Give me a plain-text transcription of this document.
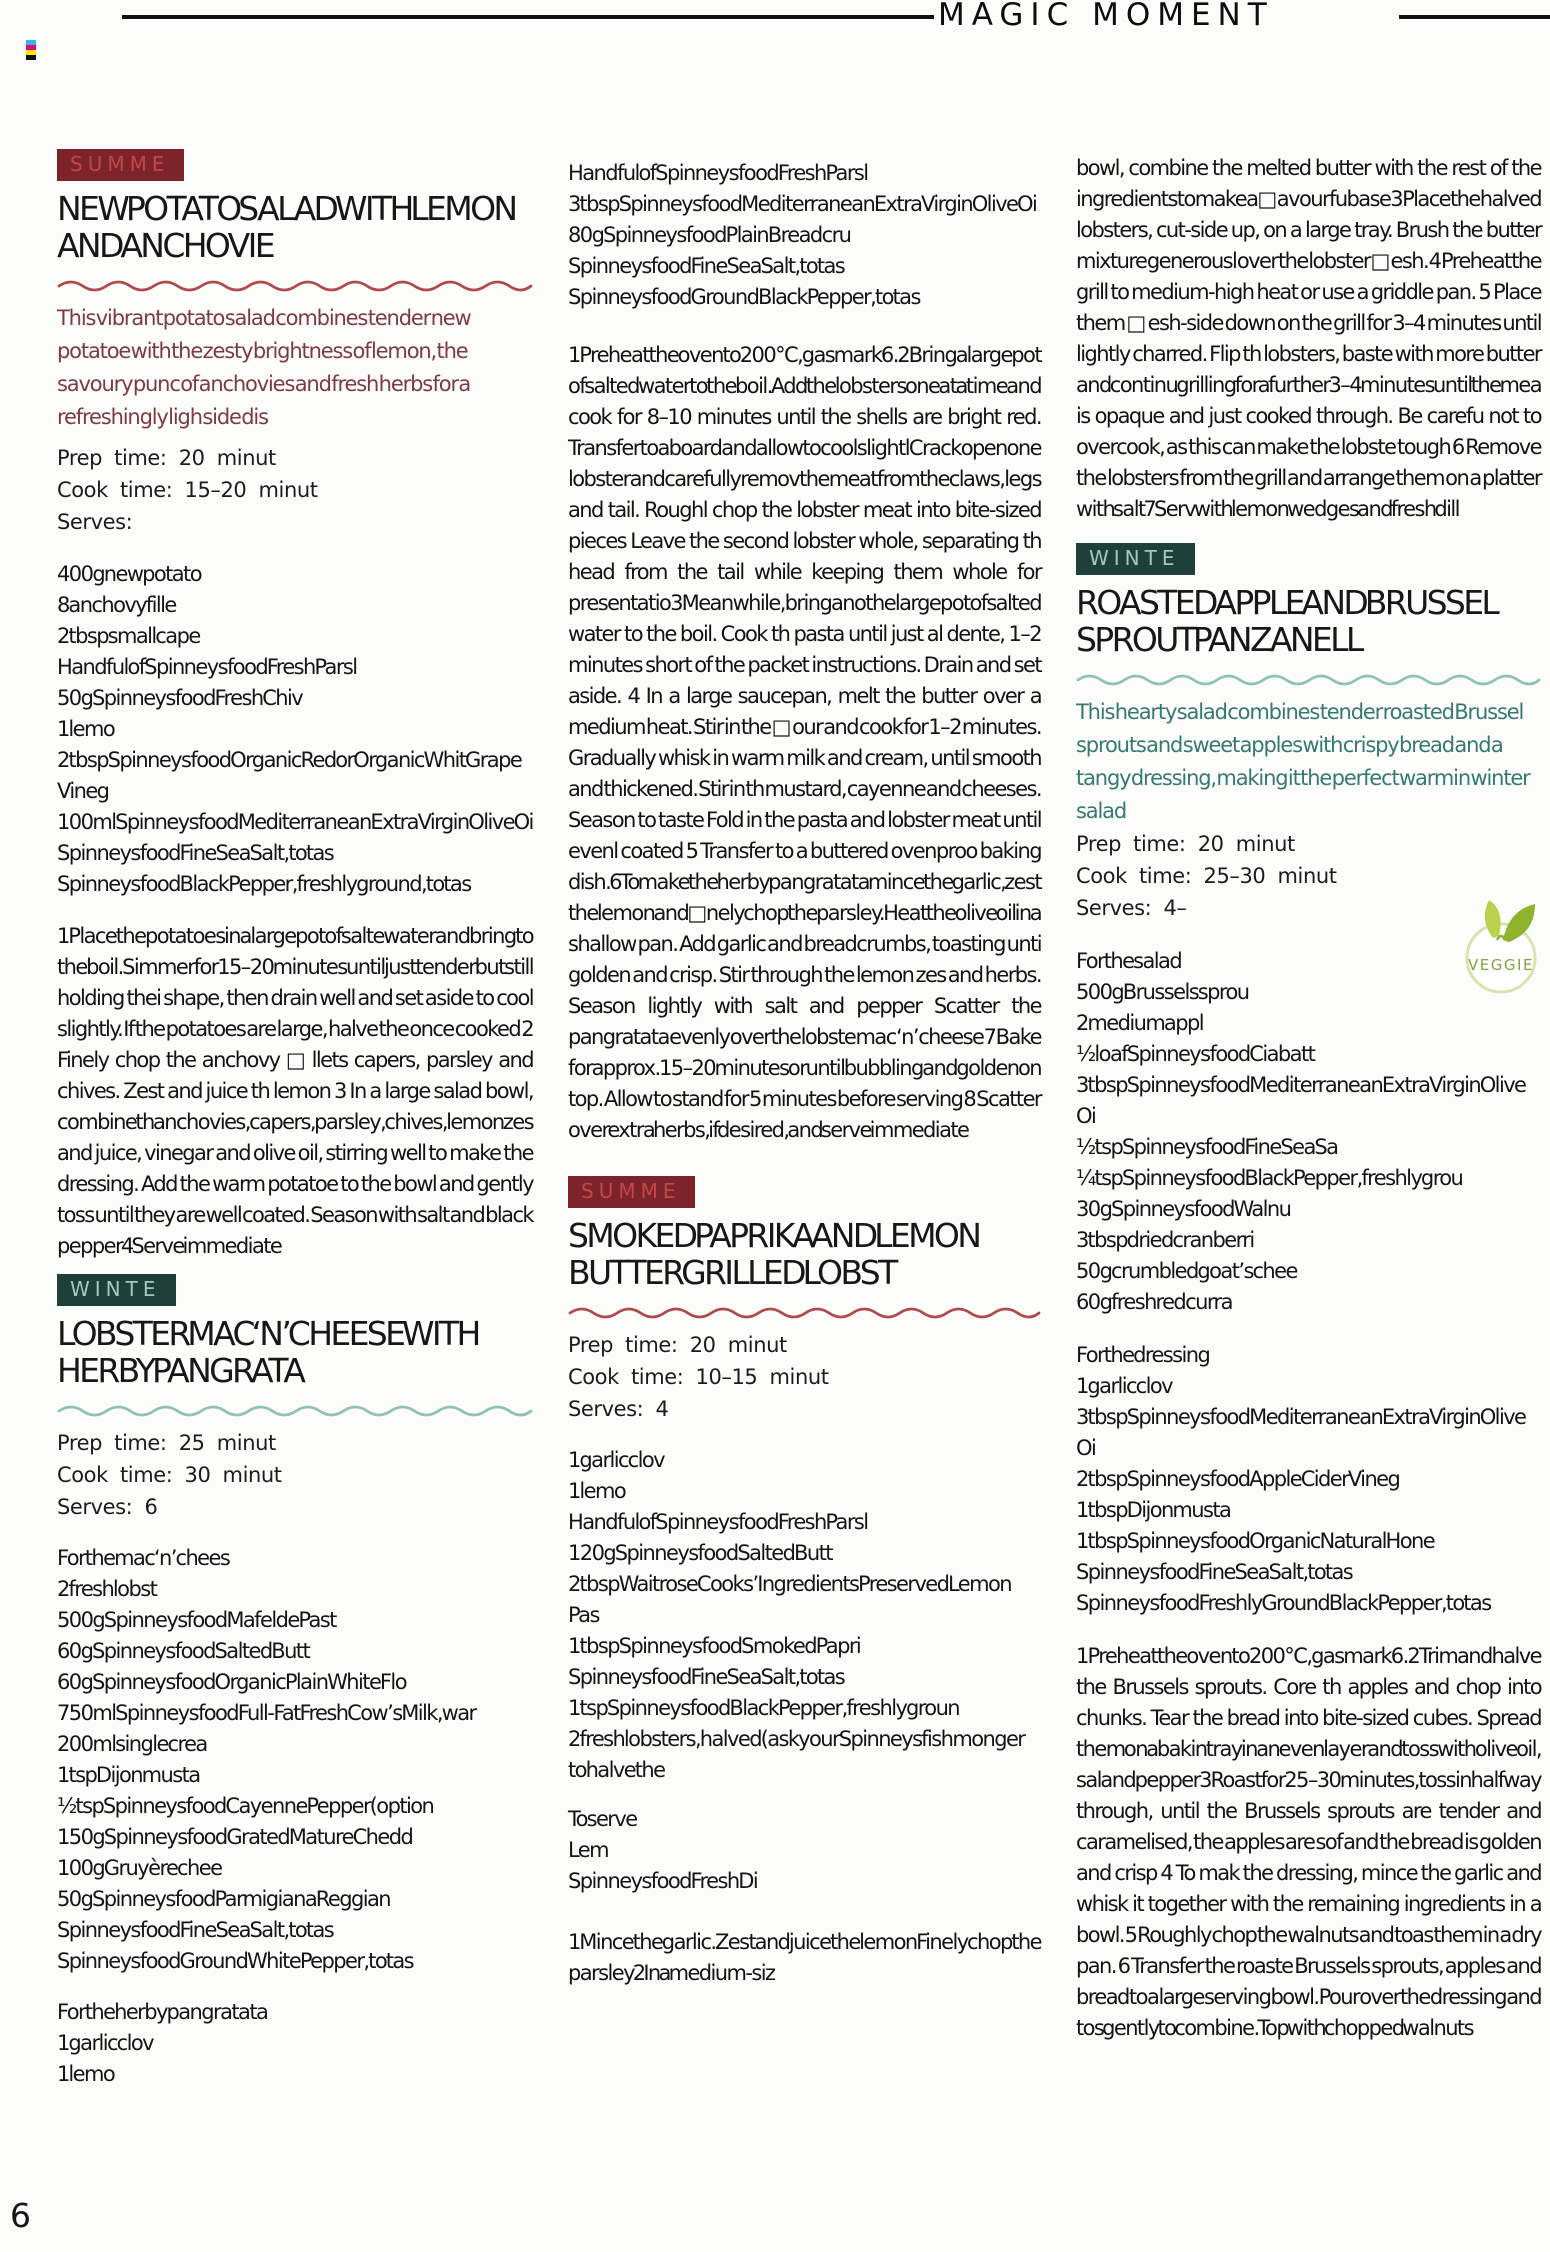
MAGIC MOMENT
SUMME
NEW POTATO SALAD WITH LEMON AND ANCHOVIE

This vibrant potato salad combines tender new potatoe with the zesty brightness of lemon, the savoury punc of anchovies and fresh herbs for a refreshingly ligh side dis

Prep time: 20 minut
Cook time: 15–20 minut
Serves:
400g new potato
8 anchovy fille
2 tbsp small cape
Handful of Spinneysfood Fresh Parsl
50g Spinneysfood Fresh Chiv
1 lemo
2 tbsp Spinneysfood Organic Red or Organic Whit Grape Vineg
100ml Spinneysfood Mediterranean Extra Virgin Olive Oi
Spinneysfood Fine Sea Salt, to tas
Spinneysfood Black Pepper, freshly ground, to tas

1 Place the potatoes in a large pot of salte water and bring to the boil. Simmer for 15–20 minutes until just tender but still holding thei shape, then drain well and set aside to cool slightly. If the potatoes are large, halve the once cooked 2 Finely chop the anchovy □llets capers, parsley and chives. Zest and juice th lemon 3 In a large salad bowl, combine th anchovies, capers, parsley, chives, lemon zes and juice, vinegar and olive oil, stirring well to make the dressing. Add the warm potatoe to the bowl and gently toss until they are well coated. Season with salt and black pepper 4 Serve immediate

WINTE
LOBSTER MAC ‘N’ CHEESE WITH HERBY PANGRATA
Prep time: 25 minut
Cook time: 30 minut
Serves: 6
For the mac ‘n’ chees
2 fresh lobst
500g Spinneysfood Mafelde Past
60g Spinneysfood Salted Butt
60g Spinneysfood Organic Plain White Flo
750ml Spinneysfood Full-Fat Fresh Cow’s Milk, war
200ml single crea
1 tsp Dijon musta
½ tsp Spinneysfood Cayenne Pepper (option
150g Spinneysfood Grated Mature Chedd
100g Gruyère chee
50g Spinneysfood Parmigiana Reggian
Spinneysfood Fine Sea Salt, to tas
Spinneysfood Ground White Pepper, to tas
For the herby pangratata
1 garlic clov
1 lemo
Handful of Spinneysfood Fresh Parsl
3 tbsp Spinneysfood Mediterranean Extra Virgin Olive Oi
80g Spinneysfood Plain Breadcru
Spinneysfood Fine Sea Salt, to tas
Spinneysfood Ground Black Pepper, to tas

1 Preheat the oven to 200°C, gas mark 6. 2 Bring a large pot of salted water to the boil. Add the lobsters one at a time and cook for 8–10 minutes until the shells are bright red. Transfer to a board and allow to cool slightl Crack open one lobster and carefully remov the meat from the claws, legs and tail. Roughl chop the lobster meat into bite-sized pieces Leave the second lobster whole, separating th head from the tail while keeping them whole for presentatio 3 Meanwhile, bring anothe large pot of salted water to the boil. Cook th pasta until just al dente, 1–2 minutes short of the packet instructions. Drain and set aside. 4 In a large saucepan, melt the butter over a medium heat. Stir in the □our and cook for 1–2 minutes. Gradually whisk in warm milk and cream, until smooth and thickened. Stir in th mustard, cayenne and cheeses. Season to taste Fold in the pasta and lobster meat until evenl coated 5 Transfer to a buttered ovenproo baking dish. 6 To make the herby pangratata mince the garlic, zest the lemon and □nely chop the parsley. Heat the olive oil in a shallow pan. Add garlic and breadcrumbs, toasting unti golden and crisp. Stir through the lemon zes and herbs. Season lightly with salt and pepper Scatter the pangratata evenly over the lobste mac ‘n’ cheese 7 Bake for approx. 15–20 minutes or until bubbling and golden on top. Allow to stand for 5 minutes before serving 8 Scatter over extra herbs, if desired, and serve immediate

SUMME
SMOKED PAPRIKA AND LEMON BUTTER GRILLED LOBST
Prep time: 20 minut
Cook time: 10–15 minut
Serves: 4
1 garlic clov
1 lemo
Handful of Spinneysfood Fresh Parsl
120g Spinneysfood Salted Butt
2 tbsp Waitrose Cooks’ Ingredients Preserved Lemon Pas
1 tbsp Spinneysfood Smoked Papri
Spinneysfood Fine Sea Salt, to tas
1 tsp Spinneysfood Black Pepper, freshly groun
2 fresh lobsters, halved (ask your Spinneys fishmonger to halve the
To serve
Lem
Spinneysfood Fresh Di

1 Mince the garlic. Zest and juice the lemon Finely chop the parsley 2 In a medium-siz

bowl, combine the melted butter with the rest of the ingredients to make a □avourfu base 3 Place the halved lobsters, cut-side up, on a large tray. Brush the butter mixture generousl over the lobster □esh. 4 Preheat the grill to medium-high heat or use a griddle pan. 5 Place them □esh-side down on the grill for 3–4 minutes until lightly charred. Flip th lobsters, baste with more butter and continu grilling for a further 3–4 minutes until the mea is opaque and just cooked through. Be carefu not to overcook, as this can make the lobste tough 6 Remove the lobsters from the grill and arrange them on a platter with salt 7 Serv with lemon wedges and fresh dill

WINTE
ROASTED APPLE AND BRUSSEL SPROUT PANZANELL

This hearty salad combines tender roasted Brussel sprouts and sweet apples with crispy bread and a tangy dressing, making it the perfect warmin winter salad

Prep time: 20 minut
Cook time: 25–30 minut
Serves: 4–
For the salad
500g Brussels sprou
2 medium appl
½ loaf Spinneysfood Ciabatt
3 tbsp Spinneysfood Mediterranean Extra Virgin Olive Oi
½ tsp Spinneysfood Fine Sea Sa
¼ tsp Spinneysfood Black Pepper, freshly grou
30g Spinneysfood Walnu
3 tbsp dried cranberri
50g crumbled goat’s chee
60g fresh redcurra
For the dressing
1 garlic clov
3 tbsp Spinneysfood Mediterranean Extra Virgin Olive Oi
2 tbsp Spinneysfood Apple Cider Vineg
1 tbsp Dijon musta
1 tbsp Spinneysfood Organic Natural Hone
Spinneysfood Fine Sea Salt, to tas
Spinneysfood Freshly Ground Black Pepper, to tas

1 Preheat the oven to 200°C, gas mark 6. 2 Trim and halve the Brussels sprouts. Core th apples and chop into chunks. Tear the bread into bite-sized cubes. Spread them on a bakin tray in an even layer and toss with olive oil, sal and pepper 3 Roast for 25–30 minutes, tossin halfway through, until the Brussels sprouts are tender and caramelised, the apples are sof and the bread is golden and crisp 4 To mak the dressing, mince the garlic and whisk it together with the remaining ingredients in a bowl. 5 Roughly chop the walnuts and toas them in a dry pan. 6 Transfer the roaste Brussels sprouts, apples and bread to a large serving bowl. Pour over the dressing and tos gently to combine. Top with chopped walnuts

VEGGIE
6
